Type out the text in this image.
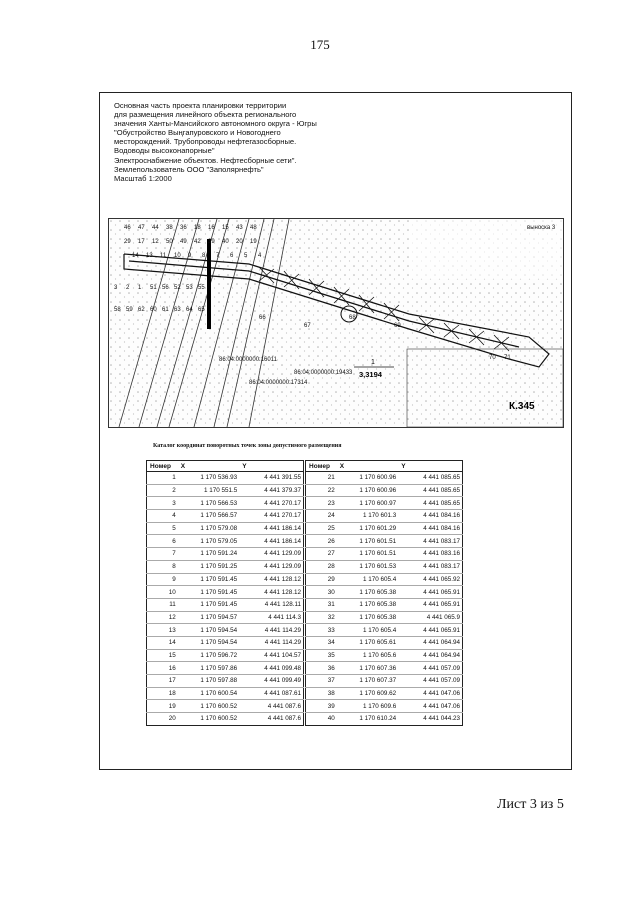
175
Основная часть проекта планировки территории
для размещения линейного объекта регионального
значения Ханты-Мансийского автономного округа - Югры
"Обустройство Выңгапуровского и Новогоднего
месторождений. Трубопроводы нефтегазосборные.
Водоводы высоконапорные"
Электроснабжение объектов. Нефтесборные сети".
Землепользователь ООО "Заполярнефть"
Масштаб 1:2000
выноска 3
К.345
1
3,3194
86:04:0000000:16011
86:04:0000000:19433
86:04:0000000:17314
46 47 44 38 36 18 16 15 43 48
29 17 12 50 49 42 39 40 20 19
14 13 11 10 9 8 7 6 5 4
3 2 1 51 56 52 53 55
58 59 62 60 61 63 64 65
66
67
68
69
70 71
Каталог координат поворотных точек зоны допустимого размещения
Номер	X	Y
1	1 170 536.93	4 441 391.55
2	1 170 551.5	4 441 379.37
3	1 170 566.53	4 441 270.17
4	1 170 566.57	4 441 270.17
5	1 170 579.08	4 441 186.14
6	1 170 579.05	4 441 186.14
7	1 170 591.24	4 441 129.09
8	1 170 591.25	4 441 129.09
9	1 170 591.45	4 441 128.12
10	1 170 591.45	4 441 128.12
11	1 170 591.45	4 441 128.11
12	1 170 594.57	4 441 114.3
13	1 170 594.54	4 441 114.29
14	1 170 594.54	4 441 114.29
15	1 170 596.72	4 441 104.57
16	1 170 597.86	4 441 099.48
17	1 170 597.88	4 441 099.49
18	1 170 600.54	4 441 087.61
19	1 170 600.52	4 441 087.6
20	1 170 600.52	4 441 087.6
Номер	X	Y
21	1 170 600.96	4 441 085.65
22	1 170 600.96	4 441 085.65
23	1 170 600.97	4 441 085.65
24	1 170 601.3	4 441 084.16
25	1 170 601.29	4 441 084.16
26	1 170 601.51	4 441 083.17
27	1 170 601.51	4 441 083.16
28	1 170 601.53	4 441 083.17
29	1 170 605.4	4 441 065.92
30	1 170 605.38	4 441 065.91
31	1 170 605.38	4 441 065.91
32	1 170 605.38	4 441 065.9
33	1 170 605.4	4 441 065.91
34	1 170 605.61	4 441 064.94
35	1 170 605.6	4 441 064.94
36	1 170 607.36	4 441 057.09
37	1 170 607.37	4 441 057.09
38	1 170 609.62	4 441 047.06
39	1 170 609.6	4 441 047.06
40	1 170 610.24	4 441 044.23
Лист 3 из 5
